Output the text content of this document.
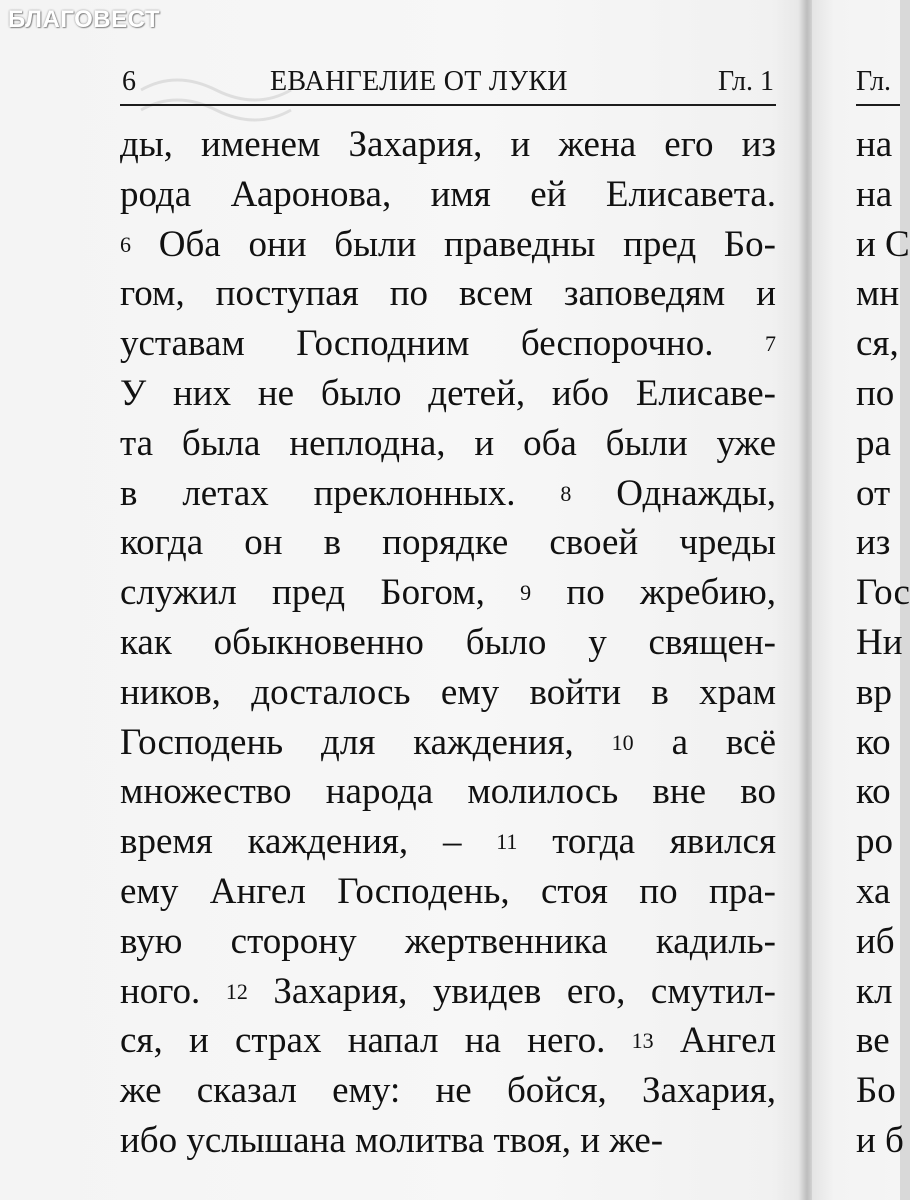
БЛАГОВЕСТ
6	ЕВАНГЕЛИЕ ОТ ЛУКИ	Гл. 1
ды, именем Захария, и жена его из
рода Ааронова, имя ей Елисавета.
$^6$ Оба они были праведны пред Бо-
гом, поступая по всем заповедям и
уставам Господним беспорочно. $^7$
У них не было детей, ибо Елисаве-
та была неплодна, и оба были уже
в летах преклонных. $^8$ Однажды,
когда он в порядке своей чреды
служил пред Богом, $^9$ по жребию,
как обыкновенно было у священ-
ников, досталось ему войти в храм
Господень для каждения, $^{10}$ а всё
множество народа молилось вне во
время каждения, – $^{11}$ тогда явился
ему Ангел Господень, стоя по пра-
вую сторону жертвенника кадиль-
ного. $^{12}$ Захария, увидев его, смутил-
ся, и страх напал на него. $^{13}$ Ангел
же сказал ему: не бойся, Захария,
ибо услышана молитва твоя, и же-
Гл.
на
на
и С
мн
ся,
по
ра
от
из
Гос
Ни
вр
ко
ко
ро
ха
иб
кл
ве
Бо
и б
